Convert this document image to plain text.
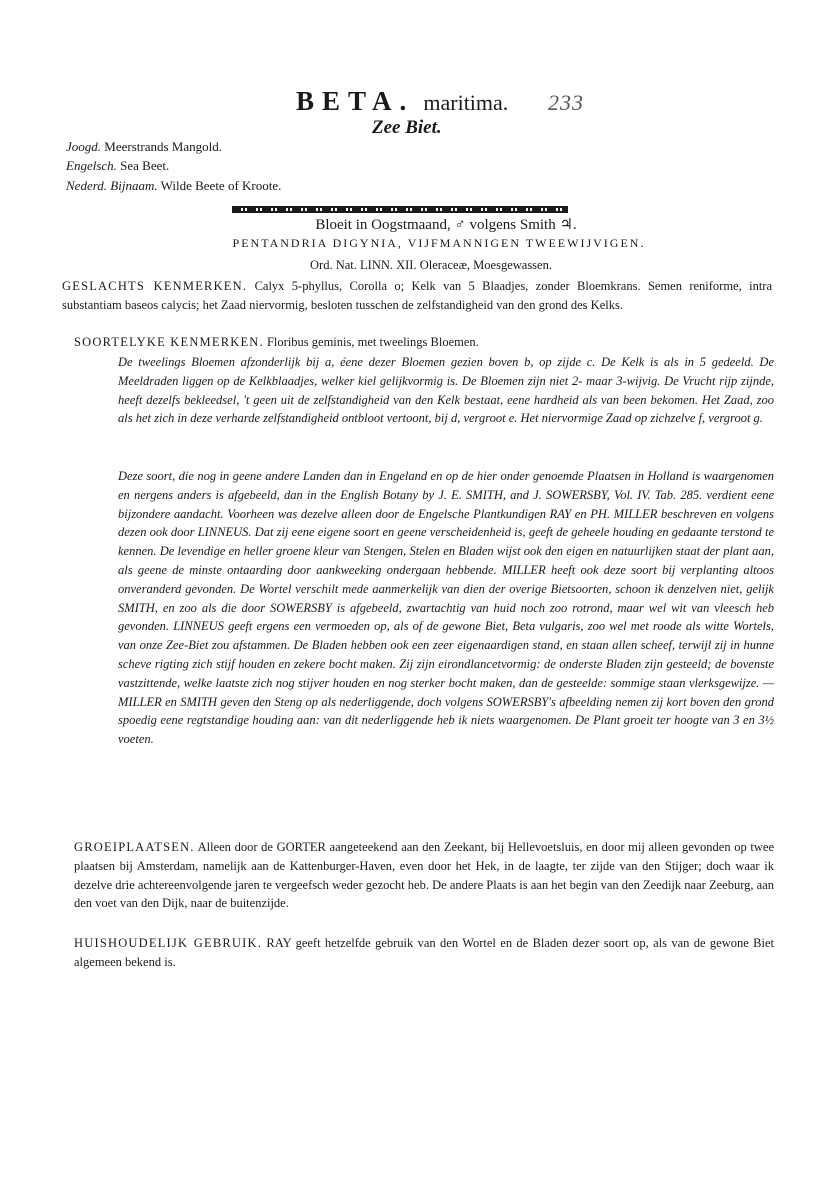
BETA. maritima. 233
Zee Biet.
Joogd. Meerstrands Mangold.
Engelsch. Sea Beet.
Nederd. Bijnaam. Wilde Beete of Kroote.
Bloeit in Oogstmaand, ♂ volgens Smith ♃.
PENTANDRIA DIGYNIA, VIJFMANNIGEN TWEEWIJVIGEN.
Ord. Nat. LINN. XII. Oleraceæ, Moesgewassen.

GESLACHTS KENMERKEN. Calyx 5-phyllus, Corolla o; Kelk van 5 Blaadjes, zonder Bloemkrans. Semen reniforme, intra substantiam baseos calycis; het Zaad niervormig, besloten tusschen de zelfstandigheid van den grond des Kelks.

SOORTELYKE KENMERKEN. Floribus geminis, met tweelings Bloemen.

De tweelings Bloemen afzonderlijk bij a, éene dezer Bloemen gezien boven b, op zijde c. De Kelk is als in 5 gedeeld. De Meeldraden liggen op de Kelkblaadjes, welker kiel gelijkvormig is. De Bloemen zijn niet 2- maar 3-wijvig. De Vrucht rijp zijnde, heeft dezelfs bekleedsel, 't geen uit de zelfstandigheid van den Kelk bestaat, eene hardheid als van been bekomen. Het Zaad, zoo als het zich in deze verharde zelfstandigheid ontbloot vertoont, bij d, vergroot e. Het niervormige Zaad op zichzelve f, vergroot g.

Deze soort, die nog in geene andere Landen dan in Engeland en op de hier onder genoemde Plaatsen in Holland is waargenomen en nergens anders is afgebeeld, dan in the English Botany by J. E. SMITH, and J. SOWERSBY, Vol. IV. Tab. 285. verdient eene bijzondere aandacht. Voorheen was dezelve alleen door de Engelsche Plantkundigen RAY en PH. MILLER beschreven en volgens dezen ook door LINNEUS. Dat zij eene eigene soort en geene verscheidenheid is, geeft de geheele houding en gedaante terstond te kennen. De levendige en heller groene kleur van Stengen, Stelen en Bladen wijst ook den eigen en natuurlijken staat der plant aan, als geene de minste ontaarding door aankweeking ondergaan hebbende. MILLER heeft ook deze soort bij verplanting altoos onveranderd gevonden. De Wortel verschilt mede aanmerkelijk van dien der overige Bietsoorten, schoon ik denzelven niet, gelijk SMITH, en zoo als die door SOWERSBY is afgebeeld, zwartachtig van huid noch zoo rotrond, maar wel wit van vleesch heb gevonden. LINNEUS geeft ergens een vermoeden op, als of de gewone Biet, Beta vulgaris, zoo wel met roode als witte Wortels, van onze Zee-Biet zou afstammen. De Bladen hebben ook een zeer eigenaardigen stand, en staan allen scheef, terwijl zij in hunne scheve rigting zich stijf houden en zekere bocht maken. Zij zijn eirondlancetvormig: de onderste Bladen zijn gesteeld; de bovenste vastzittende, welke laatste zich nog stijver houden en nog sterker bocht maken, dan de gesteelde: sommige staan vlerksgewijze. — MILLER en SMITH geven den Steng op als nederliggende, doch volgens SOWERSBY's afbeelding nemen zij kort boven den grond spoedig eene regtstandige houding aan: van dit nederliggende heb ik niets waargenomen. De Plant groeit ter hoogte van 3 en 3½ voeten.

GROEIPLAATSEN. Alleen door de GORTER aangeteekend aan den Zeekant, bij Hellevoetsluis, en door mij alleen gevonden op twee plaatsen bij Amsterdam, namelijk aan de Kattenburger-Haven, even door het Hek, in de laagte, ter zijde van den Stijger; doch waar ik dezelve drie achtereenvolgende jaren te vergeefsch weder gezocht heb. De andere Plaats is aan het begin van den Zeedijk naar Zeeburg, aan den voet van den Dijk, naar de buitenzijde.

HUISHOUDELIJK GEBRUIK. RAY geeft hetzelfde gebruik van den Wortel en de Bladen dezer soort op, als van de gewone Biet algemeen bekend is.
